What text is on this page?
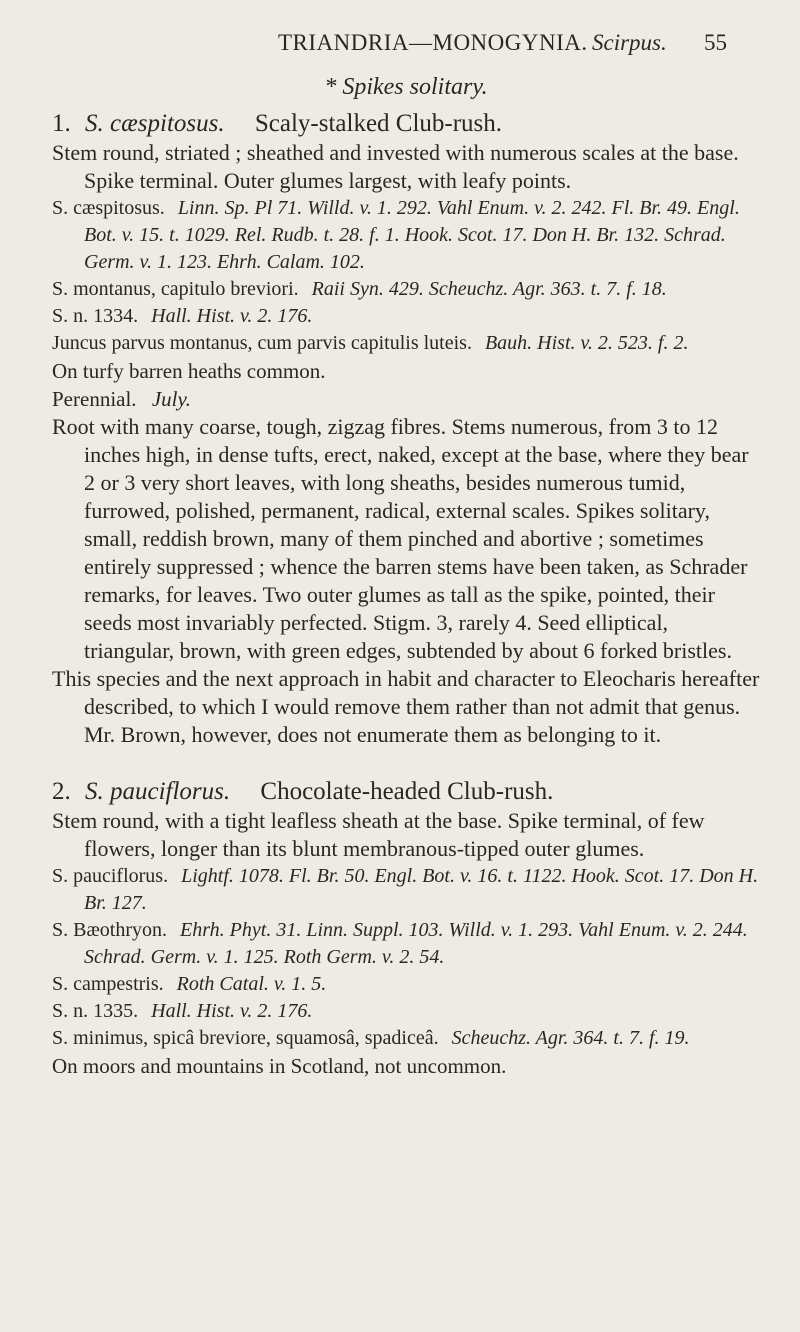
TRIANDRIA—MONOGYNIA. Scirpus. 55
* Spikes solitary.

1. S. cæspitosus. Scaly-stalked Club-rush.

Stem round, striated ; sheathed and invested with numerous scales at the base. Spike terminal. Outer glumes largest, with leafy points.

S. cæspitosus. Linn. Sp. Pl 71. Willd. v. 1. 292. Vahl Enum. v. 2. 242. Fl. Br. 49. Engl. Bot. v. 15. t. 1029. Rel. Rudb. t. 28. f. 1. Hook. Scot. 17. Don H. Br. 132. Schrad. Germ. v. 1. 123. Ehrh. Calam. 102.

S. montanus, capitulo breviori. Raii Syn. 429. Scheuchz. Agr. 363. t. 7. f. 18.

S. n. 1334. Hall. Hist. v. 2. 176.

Juncus parvus montanus, cum parvis capitulis luteis. Bauh. Hist. v. 2. 523. f. 2.

On turfy barren heaths common.

Perennial. July.

Root with many coarse, tough, zigzag fibres. Stems numerous, from 3 to 12 inches high, in dense tufts, erect, naked, except at the base, where they bear 2 or 3 very short leaves, with long sheaths, besides numerous tumid, furrowed, polished, permanent, radical, external scales. Spikes solitary, small, reddish brown, many of them pinched and abortive ; sometimes entirely suppressed ; whence the barren stems have been taken, as Schrader remarks, for leaves. Two outer glumes as tall as the spike, pointed, their seeds most invariably perfected. Stigm. 3, rarely 4. Seed elliptical, triangular, brown, with green edges, subtended by about 6 forked bristles.

This species and the next approach in habit and character to Eleocharis hereafter described, to which I would remove them rather than not admit that genus. Mr. Brown, however, does not enumerate them as belonging to it.

2. S. pauciflorus. Chocolate-headed Club-rush.

Stem round, with a tight leafless sheath at the base. Spike terminal, of few flowers, longer than its blunt membranous-tipped outer glumes.

S. pauciflorus. Lightf. 1078. Fl. Br. 50. Engl. Bot. v. 16. t. 1122. Hook. Scot. 17. Don H. Br. 127.

S. Bæothryon. Ehrh. Phyt. 31. Linn. Suppl. 103. Willd. v. 1. 293. Vahl Enum. v. 2. 244. Schrad. Germ. v. 1. 125. Roth Germ. v. 2. 54.

S. campestris. Roth Catal. v. 1. 5.

S. n. 1335. Hall. Hist. v. 2. 176.

S. minimus, spicâ breviore, squamosâ, spadiceâ. Scheuchz. Agr. 364. t. 7. f. 19.

On moors and mountains in Scotland, not uncommon.
